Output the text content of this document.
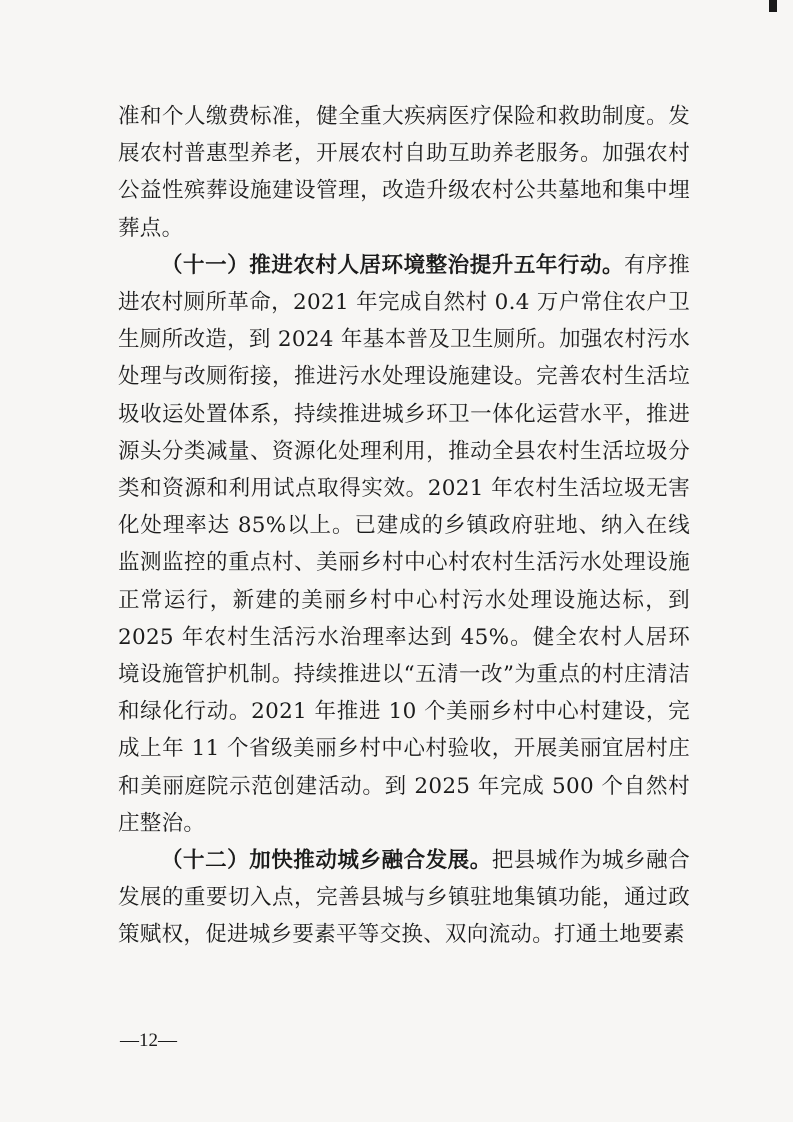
准和个人缴费标准，健全重大疾病医疗保险和救助制度。发展农村普惠型养老，开展农村自助互助养老服务。加强农村公益性殡葬设施建设管理，改造升级农村公共墓地和集中埋葬点。

（十一）推进农村人居环境整治提升五年行动。有序推进农村厕所革命，2021 年完成自然村 0.4 万户常住农户卫生厕所改造，到 2024 年基本普及卫生厕所。加强农村污水处理与改厕衔接，推进污水处理设施建设。完善农村生活垃圾收运处置体系，持续推进城乡环卫一体化运营水平，推进源头分类减量、资源化处理利用，推动全县农村生活垃圾分类和资源和利用试点取得实效。2021 年农村生活垃圾无害化处理率达 85%以上。已建成的乡镇政府驻地、纳入在线监测监控的重点村、美丽乡村中心村农村生活污水处理设施正常运行，新建的美丽乡村中心村污水处理设施达标，到 2025 年农村生活污水治理率达到 45%。健全农村人居环境设施管护机制。持续推进以“五清一改”为重点的村庄清洁和绿化行动。2021 年推进 10 个美丽乡村中心村建设，完成上年 11 个省级美丽乡村中心村验收，开展美丽宜居村庄和美丽庭院示范创建活动。到 2025 年完成 500 个自然村庄整治。

（十二）加快推动城乡融合发展。把县城作为城乡融合发展的重要切入点，完善县城与乡镇驻地集镇功能，通过政策赋权，促进城乡要素平等交换、双向流动。打通土地要素

—12—
